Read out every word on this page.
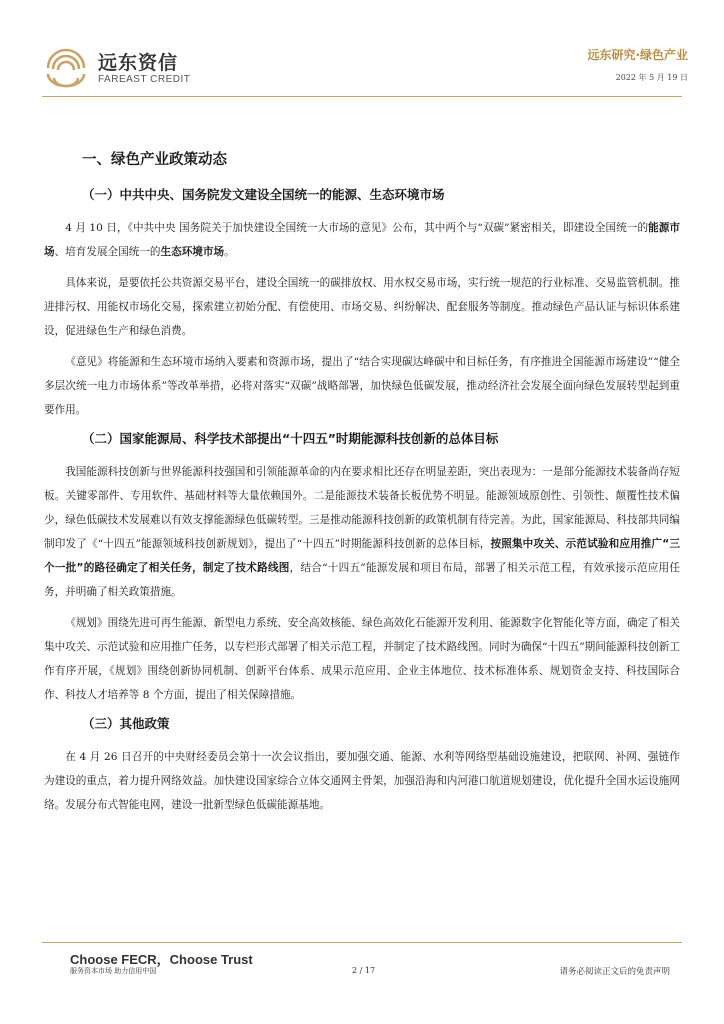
远东资信
FAREAST CREDIT
远东研究·绿色产业
2022 年 5 月 19 日
一、绿色产业政策动态
（一）中共中央、国务院发文建设全国统一的能源、生态环境市场

4 月 10 日，《中共中央 国务院关于加快建设全国统一大市场的意见》公布，其中两个与“双碳”紧密相关，即建设全国统一的能源市场、培育发展全国统一的生态环境市场。

具体来说，是要依托公共资源交易平台，建设全国统一的碳排放权、用水权交易市场，实行统一规范的行业标准、交易监管机制。推进排污权、用能权市场化交易，探索建立初始分配、有偿使用、市场交易、纠纷解决、配套服务等制度。推动绿色产品认证与标识体系建设，促进绿色生产和绿色消费。

《意见》将能源和生态环境市场纳入要素和资源市场，提出了“结合实现碳达峰碳中和目标任务，有序推进全国能源市场建设”“健全多层次统一电力市场体系”等改革举措，必将对落实“双碳”战略部署，加快绿色低碳发展，推动经济社会发展全面向绿色发展转型起到重要作用。

（二）国家能源局、科学技术部提出“十四五”时期能源科技创新的总体目标

我国能源科技创新与世界能源科技强国和引领能源革命的内在要求相比还存在明显差距，突出表现为：一是部分能源技术装备尚存短板。关键零部件、专用软件、基础材料等大量依赖国外。二是能源技术装备长板优势不明显。能源领域原创性、引领性、颠覆性技术偏少，绿色低碳技术发展难以有效支撑能源绿色低碳转型。三是推动能源科技创新的政策机制有待完善。为此，国家能源局、科技部共同编制印发了《“十四五”能源领域科技创新规划》，提出了“十四五”时期能源科技创新的总体目标，按照集中攻关、示范试验和应用推广“三个一批”的路径确定了相关任务，制定了技术路线图，结合“十四五”能源发展和项目布局，部署了相关示范工程，有效承接示范应用任务，并明确了相关政策措施。

《规划》围绕先进可再生能源、新型电力系统、安全高效核能、绿色高效化石能源开发利用、能源数字化智能化等方面，确定了相关集中攻关、示范试验和应用推广任务，以专栏形式部署了相关示范工程，并制定了技术路线图。同时为确保“十四五”期间能源科技创新工作有序开展，《规划》围绕创新协同机制、创新平台体系、成果示范应用、企业主体地位、技术标准体系、规划资金支持、科技国际合作、科技人才培养等 8 个方面，提出了相关保障措施。

（三）其他政策

在 4 月 26 日召开的中央财经委员会第十一次会议指出，要加强交通、能源、水利等网络型基础设施建设，把联网、补网、强链作为建设的重点，着力提升网络效益。加快建设国家综合立体交通网主骨架，加强沿海和内河港口航道规划建设，优化提升全国水运设施网络。发展分布式智能电网，建设一批新型绿色低碳能源基地。

Choose FECR，Choose Trust
服务资本市场 助力信用中国	2 / 17	请务必阅读正文后的免责声明
